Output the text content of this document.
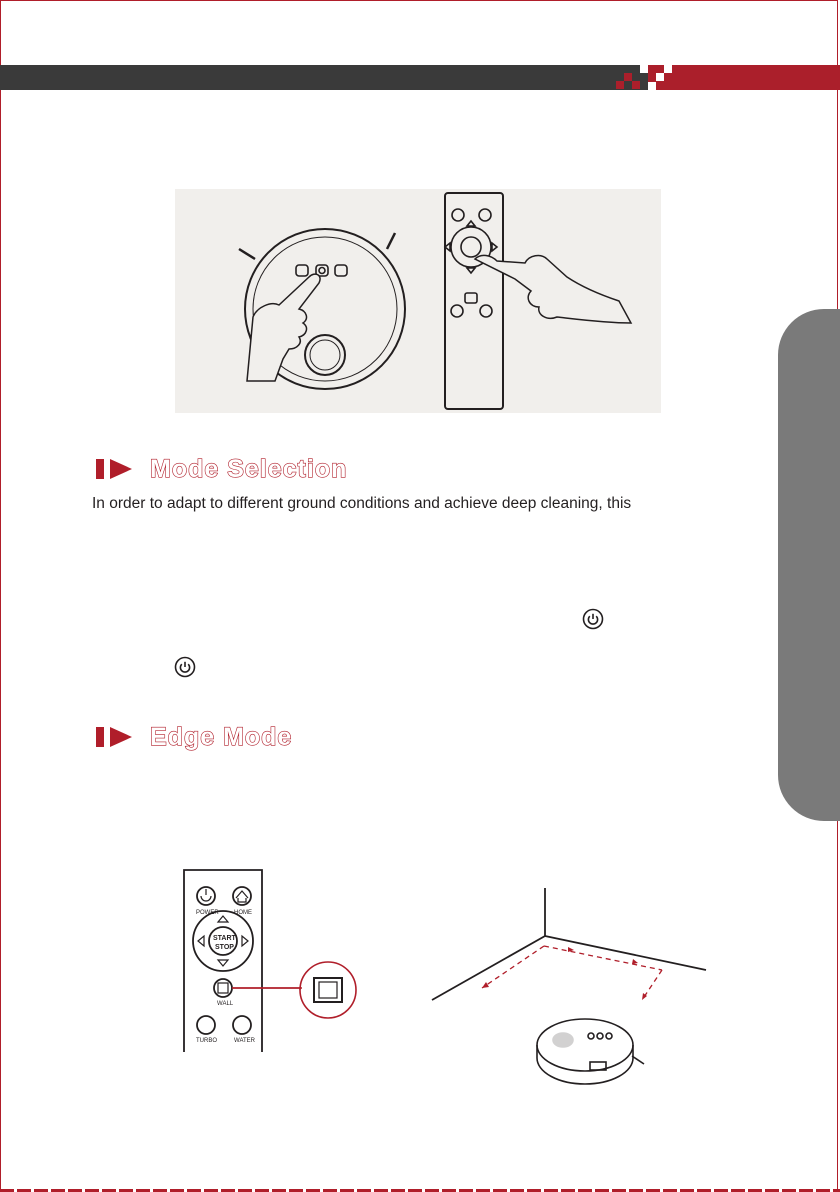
Mode Selection
In order to adapt to different ground conditions and achieve deep cleaning, this
Edge Mode
POWER	HOME
START
STOP
WALL
TURBO	WATER
